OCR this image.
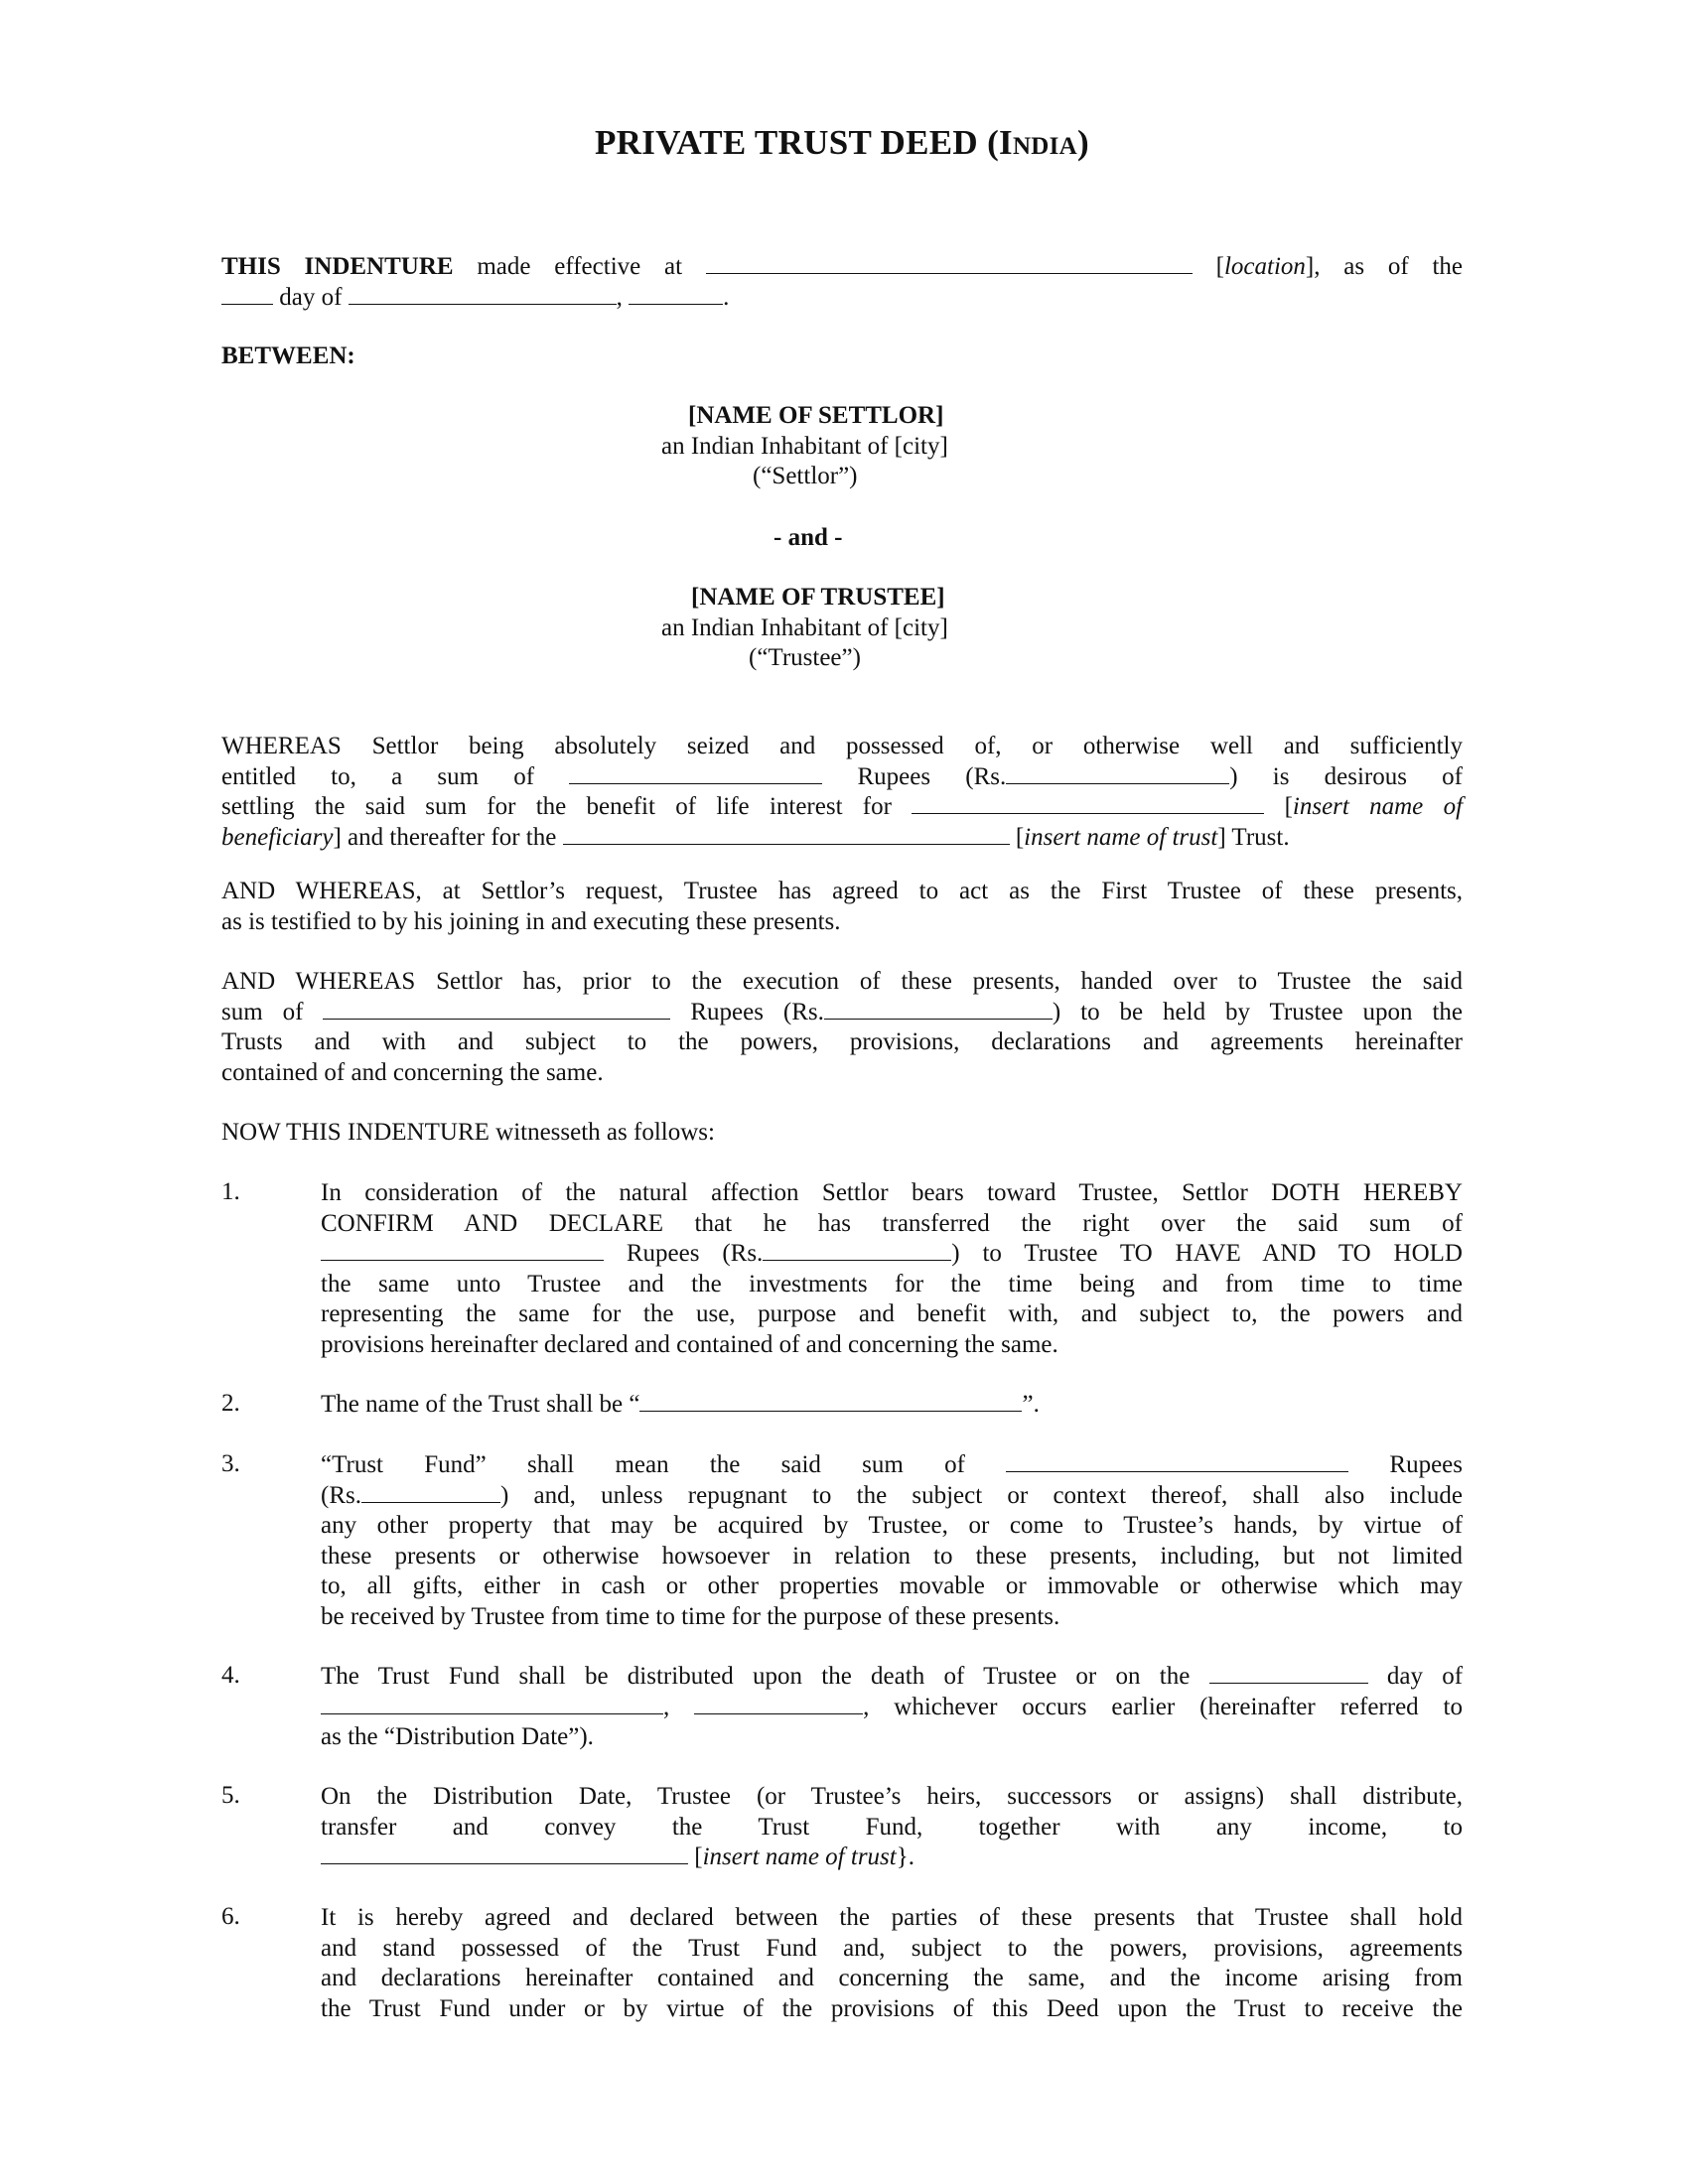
PRIVATE TRUST DEED (India)
THIS INDENTURE made effective at	[location], as of the
day of	,	.
BETWEEN:
[NAME OF SETTLOR]
an Indian Inhabitant of [city]
(“Settlor”)
- and -
[NAME OF TRUSTEE]
an Indian Inhabitant of [city]
(“Trustee”)
WHEREAS Settlor being absolutely seized and possessed of, or otherwise well and sufficiently
entitled to, a sum of	Rupees (Rs.	) is desirous of
settling the said sum for the benefit of life interest for	[insert name of
beneficiary] and thereafter for the	[insert name of trust] Trust.
AND WHEREAS, at Settlor’s request, Trustee has agreed to act as the First Trustee of these presents,
as is testified to by his joining in and executing these presents.
AND WHEREAS Settlor has, prior to the execution of these presents, handed over to Trustee the said
sum of	Rupees (Rs.	) to be held by Trustee upon the
Trusts and with and subject to the powers, provisions, declarations and agreements hereinafter
contained of and concerning the same.
NOW THIS INDENTURE witnesseth as follows:
1.	In consideration of the natural affection Settlor bears toward Trustee, Settlor DOTH HEREBY
CONFIRM AND DECLARE that he has transferred the right over the said sum of
Rupees (Rs.	) to Trustee TO HAVE AND TO HOLD
the same unto Trustee and the investments for the time being and from time to time
representing the same for the use, purpose and benefit with, and subject to, the powers and
provisions hereinafter declared and contained of and concerning the same.
2.	The name of the Trust shall be “	”.
3.	“Trust Fund” shall mean the said sum of	Rupees
(Rs.	) and, unless repugnant to the subject or context thereof, shall also include
any other property that may be acquired by Trustee, or come to Trustee’s hands, by virtue of
these presents or otherwise howsoever in relation to these presents, including, but not limited
to, all gifts, either in cash or other properties movable or immovable or otherwise which may
be received by Trustee from time to time for the purpose of these presents.
4.	The Trust Fund shall be distributed upon the death of Trustee or on the	day of
,	, whichever occurs earlier (hereinafter referred to
as the “Distribution Date”).
5.	On the Distribution Date, Trustee (or Trustee’s heirs, successors or assigns) shall distribute,
transfer and convey the Trust Fund, together with any income, to
[insert name of trust}.
6.	It is hereby agreed and declared between the parties of these presents that Trustee shall hold
and stand possessed of the Trust Fund and, subject to the powers, provisions, agreements
and declarations hereinafter contained and concerning the same, and the income arising from
the Trust Fund under or by virtue of the provisions of this Deed upon the Trust to receive the
